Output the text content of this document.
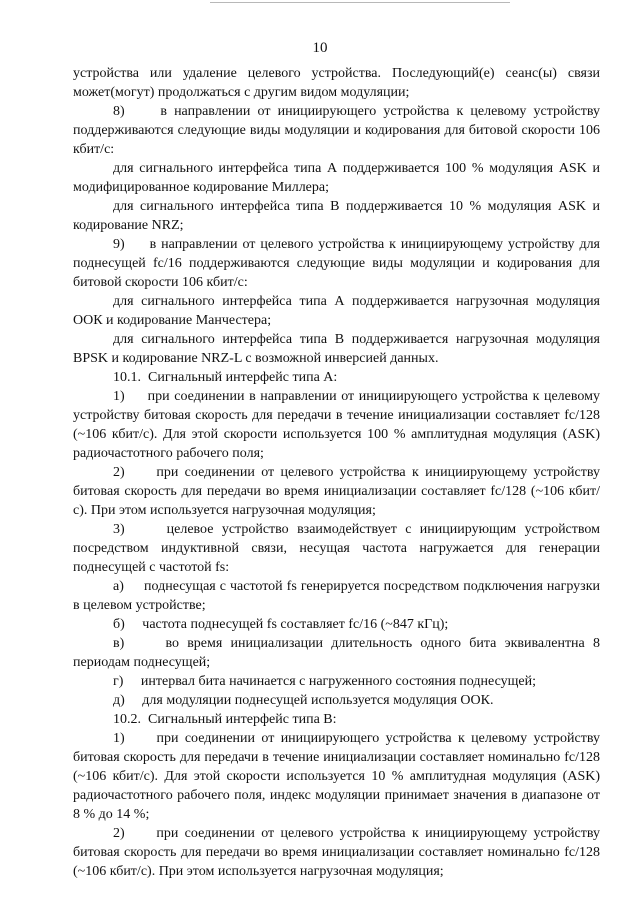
10

устройства или удаление целевого устройства. Последующий(е) сеанс(ы) связи может(могут) продолжаться с другим видом модуляции;

8)     в направлении от инициирующего устройства к целевому устройству поддерживаются следующие виды модуляции и кодирования для битовой скорости 106 кбит/с:

для сигнального интерфейса типа А поддерживается 100 % модуляция ASK и модифицированное кодирование Миллера;

для сигнального интерфейса типа В поддерживается 10 % модуляция ASK и кодирование NRZ;

9)     в направлении от целевого устройства к инициирующему устройству для поднесущей fc/16 поддерживаются следующие виды модуляции и кодирования для битовой скорости 106 кбит/с:

для сигнального интерфейса типа А поддерживается нагрузочная модуляция ООК и кодирование Манчестера;

для сигнального интерфейса типа В поддерживается нагрузочная модуляция BPSK и кодирование NRZ-L с возможной инверсией данных.

10.1.  Сигнальный интерфейс типа А:

1)     при соединении в направлении от инициирующего устройства к целевому устройству битовая скорость для передачи в течение инициализации составляет fc/128 (~106 кбит/с). Для этой скорости используется 100 % амплитудная модуляция (ASK) радиочастотного рабочего поля;

2)     при соединении от целевого устройства к инициирующему устройству битовая скорость для передачи во время инициализации составляет fc/128 (~106 кбит/с). При этом используется нагрузочная модуляция;

3)     целевое устройство взаимодействует с инициирующим устройством посредством индуктивной связи, несущая частота нагружается для генерации поднесущей с частотой fs:

а)     поднесущая с частотой fs генерируется посредством подключения нагрузки в целевом устройстве;

б)     частота поднесущей fs составляет fc/16 (~847 кГц);

в)     во время инициализации длительность одного бита эквивалентна 8 периодам поднесущей;

г)     интервал бита начинается с нагруженного состояния поднесущей;

д)     для модуляции поднесущей используется модуляция ООК.

10.2.  Сигнальный интерфейс типа В:

1)     при соединении от инициирующего устройства к целевому устройству битовая скорость для передачи в течение инициализации составляет номинально fc/128 (~106 кбит/с). Для этой скорости используется 10 % амплитудная модуляция (ASK) радиочастотного рабочего поля, индекс модуляции принимает значения в диапазоне от 8 % до 14 %;

2)     при соединении от целевого устройства к инициирующему устройству битовая скорость для передачи во время инициализации составляет номинально fc/128 (~106 кбит/с). При этом используется нагрузочная модуляция;
